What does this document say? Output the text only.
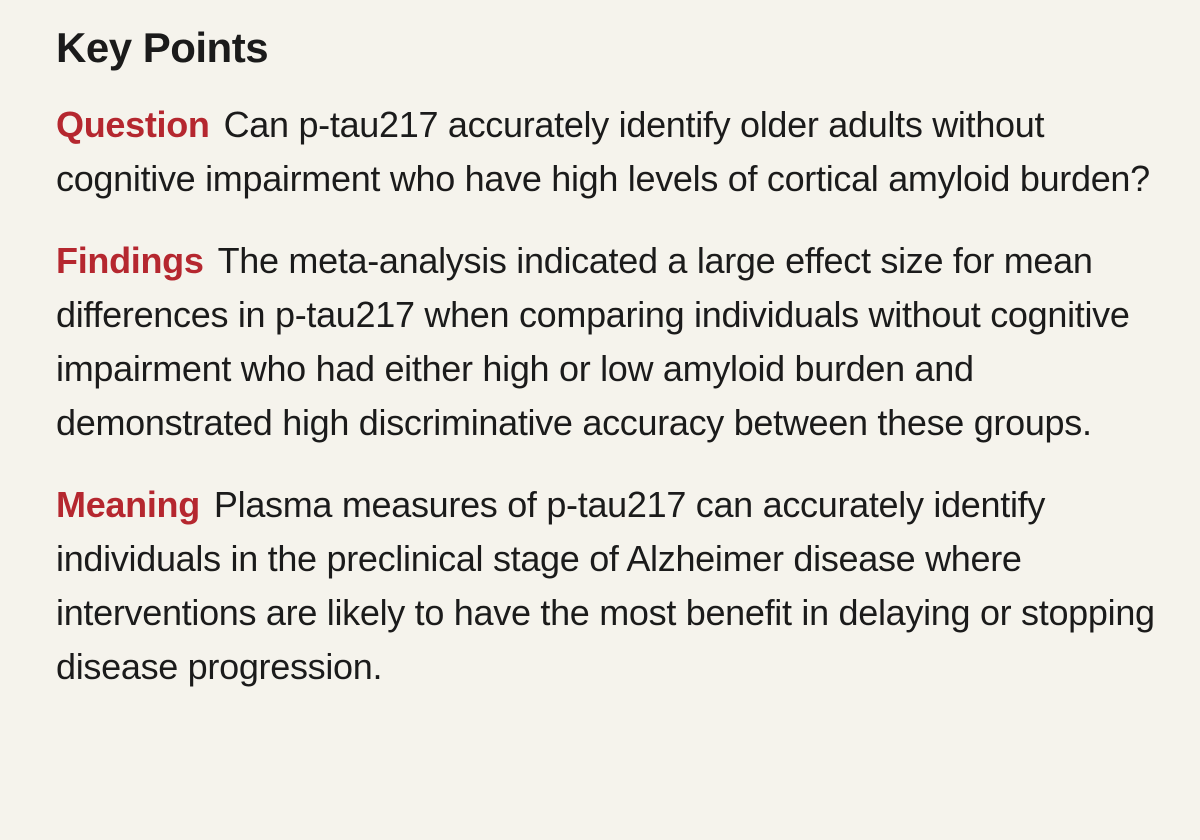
Key Points

Question Can p-tau217 accurately identify older adults without cognitive impairment who have high levels of cortical amyloid burden?

Findings The meta-analysis indicated a large effect size for mean differences in p-tau217 when comparing individuals without cognitive impairment who had either high or low amyloid burden and demonstrated high discriminative accuracy between these groups.

Meaning Plasma measures of p-tau217 can accurately identify individuals in the preclinical stage of Alzheimer disease where interventions are likely to have the most benefit in delaying or stopping disease progression.
